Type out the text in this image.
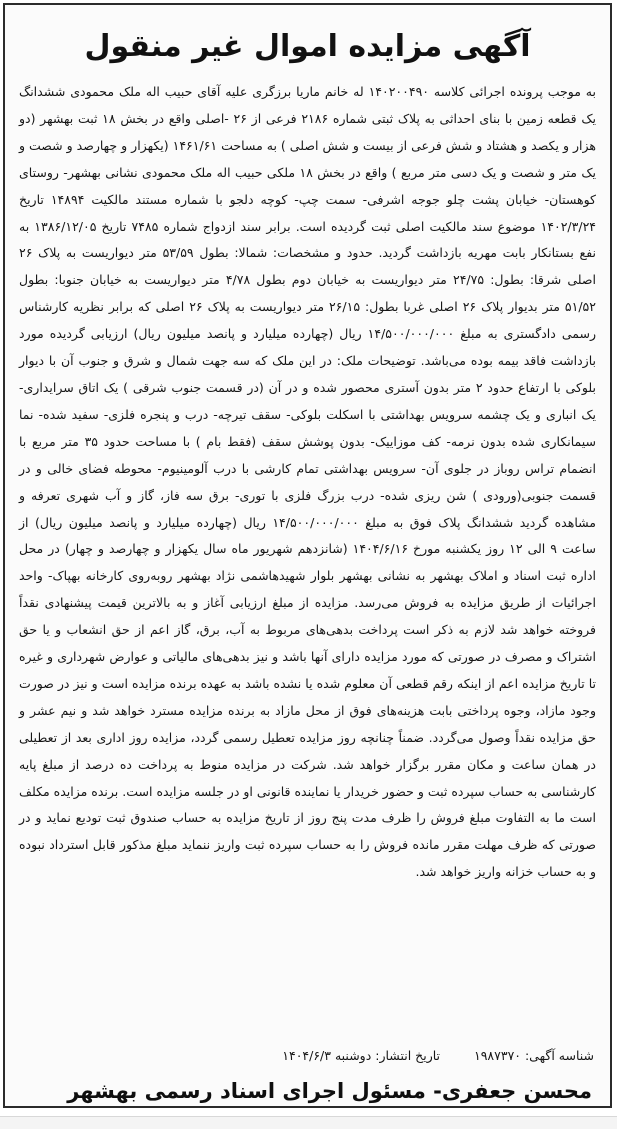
آگهی مزایده اموال غیر منقول
به موجب پرونده اجرائی کلاسه ۱۴۰۲۰۰۴۹۰ له خانم ماریا برزگری علیه آقای حبیب اله ملک محمودی ششدانگ یک قطعه زمین با بنای احداثی به پلاک ثبتی شماره ۲۱۸۶ فرعی از ۲۶ -اصلی واقع در بخش ۱۸ ثبت بهشهر (دو هزار و یکصد و هشتاد و شش فرعی از بیست و شش اصلی ) به مساحت ۱۴۶۱/۶۱ (یکهزار و چهارصد و شصت و یک متر و شصت و یک دسی متر مربع ) واقع در بخش ۱۸ ملکی حبیب اله ملک محمودی نشانی بهشهر- روستای کوهستان- خیابان پشت چلو جوجه اشرفی- سمت چپ- کوچه دلجو با شماره مستند مالکیت ۱۴۸۹۴ تاریخ ۱۴۰۲/۳/۲۴ موضوع سند مالکیت اصلی ثبت گردیده است. برابر سند ازدواج شماره ۷۴۸۵ تاریخ ۱۳۸۶/۱۲/۰۵ به نفع بستانکار بابت مهریه بازداشت گردید. حدود و مشخصات: شمالا: بطول ۵۳/۵۹ متر دیواریست به پلاک ۲۶ اصلی شرقا: بطول: ۲۴/۷۵ متر دیواریست به خیابان دوم بطول ۴/۷۸ متر دیواریست به خیابان جنوبا: بطول ۵۱/۵۲ متر بدیوار پلاک ۲۶ اصلی غربا بطول: ۲۶/۱۵ متر دیواریست به پلاک ۲۶ اصلی که برابر نظریه کارشناس رسمی دادگستری به مبلغ ۱۴/۵۰۰/۰۰۰/۰۰۰ ریال (چهارده میلیارد و پانصد میلیون ریال) ارزیابی گردیده مورد بازداشت فاقد بیمه بوده می‌باشد. توضیحات ملک: در این ملک که سه جهت شمال و شرق و جنوب آن با دیوار بلوکی با ارتفاع حدود ۲ متر بدون آستری محصور شده و در آن (در قسمت جنوب شرقی ) یک اتاق سرایداری- یک انباری و یک چشمه سرویس بهداشتی با اسکلت بلوکی- سقف تیرچه- درب و پنجره فلزی- سفید شده- نما سیمانکاری شده بدون نرمه- کف موزاییک- بدون پوشش سقف (فقط بام ) با مساحت حدود ۳۵ متر مربع با انضمام تراس روباز در جلوی آن- سرویس بهداشتی تمام کارشی با درب آلومینیوم- محوطه فضای خالی و در قسمت جنوبی(ورودی ) شن ریزی شده- درب بزرگ فلزی با توری- برق سه فاز، گاز و آب شهری تعرفه و مشاهده گردید ششدانگ پلاک فوق به مبلغ ۱۴/۵۰۰/۰۰۰/۰۰۰ ریال (چهارده میلیارد و پانصد میلیون ریال) از ساعت ۹ الی ۱۲ روز یکشنبه مورخ ۱۴۰۴/۶/۱۶ (شانزدهم شهریور ماه سال یکهزار و چهارصد و چهار) در محل اداره ثبت اسناد و املاک بهشهر به نشانی بهشهر بلوار شهیدهاشمی نژاد بهشهر روبه‌روی کارخانه بهپاک- واحد اجرائیات از طریق مزایده به فروش می‌رسد. مزایده از مبلغ ارزیابی آغاز و به بالاترین قیمت پیشنهادی نقداً فروخته خواهد شد لازم به ذکر است پرداخت بدهی‌های مربوط به آب، برق، گاز اعم از حق انشعاب و یا حق اشتراک و مصرف در صورتی که مورد مزایده دارای آنها باشد و نیز بدهی‌های مالیاتی و عوارض شهرداری و غیره تا تاریخ مزایده اعم از اینکه رقم قطعی آن معلوم شده یا نشده باشد به عهده برنده مزایده است و نیز در صورت وجود مازاد، وجوه پرداختی بابت هزینه‌های فوق از محل مازاد به برنده مزایده مسترد خواهد شد و نیم عشر و حق مزایده نقداً وصول می‌گردد. ضمناً چنانچه روز مزایده تعطیل رسمی گردد، مزایده روز اداری بعد از تعطیلی در همان ساعت و مکان مقرر برگزار خواهد شد. شرکت در مزایده منوط به پرداخت ده درصد از مبلغ پایه کارشناسی به حساب سپرده ثبت و حضور خریدار یا نماینده قانونی او در جلسه مزایده است. برنده مزایده مکلف است ما به التفاوت مبلغ فروش را ظرف مدت پنج روز از تاریخ مزایده به حساب صندوق ثبت تودیع نماید و در صورتی که ظرف مهلت مقرر مانده فروش را به حساب سپرده ثبت واریز ننماید مبلغ مذکور قابل استرداد نبوده و به حساب خزانه واریز خواهد شد.
شناسه آگهی: ۱۹۸۷۳۷۰  تاریخ انتشار: دوشنبه ۱۴۰۴/۶/۳
محسن جعفری- مسئول اجرای اسناد رسمی بهشهر
